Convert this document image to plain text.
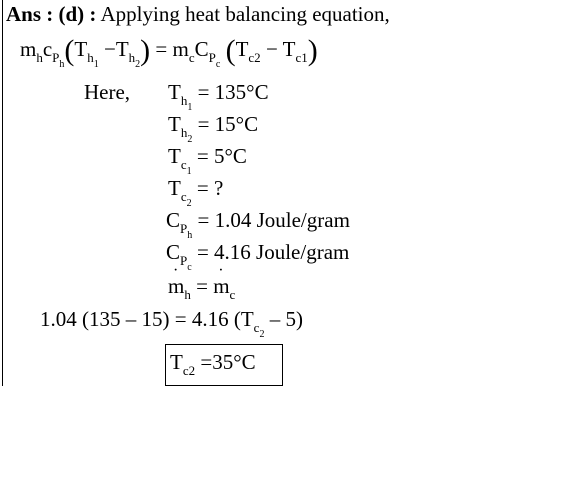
Ans : (d) : Applying heat balancing equation,
$m_hc_{P_h}(T_{h_1} -T_{h_2}) = m_cC_{P_c}$ $(T_{c2} - T_{c1})$
Here, $T_{h_1} = 135^\circ C$
$T_{h_2} = 15^\circ C$
$T_{c_1} = 5^\circ C$
$T_{c_2}$ = ?
$C_{P_h} = 1.04$ Joule/gram
$C_{P_c} = 4.16$ Joule/gram
· $m_h$ = · $m_c$
1.04 (135 – 15) = 4.16 $(T_{c_2} - 5)$
$T_{c2} =35^\circ C$
